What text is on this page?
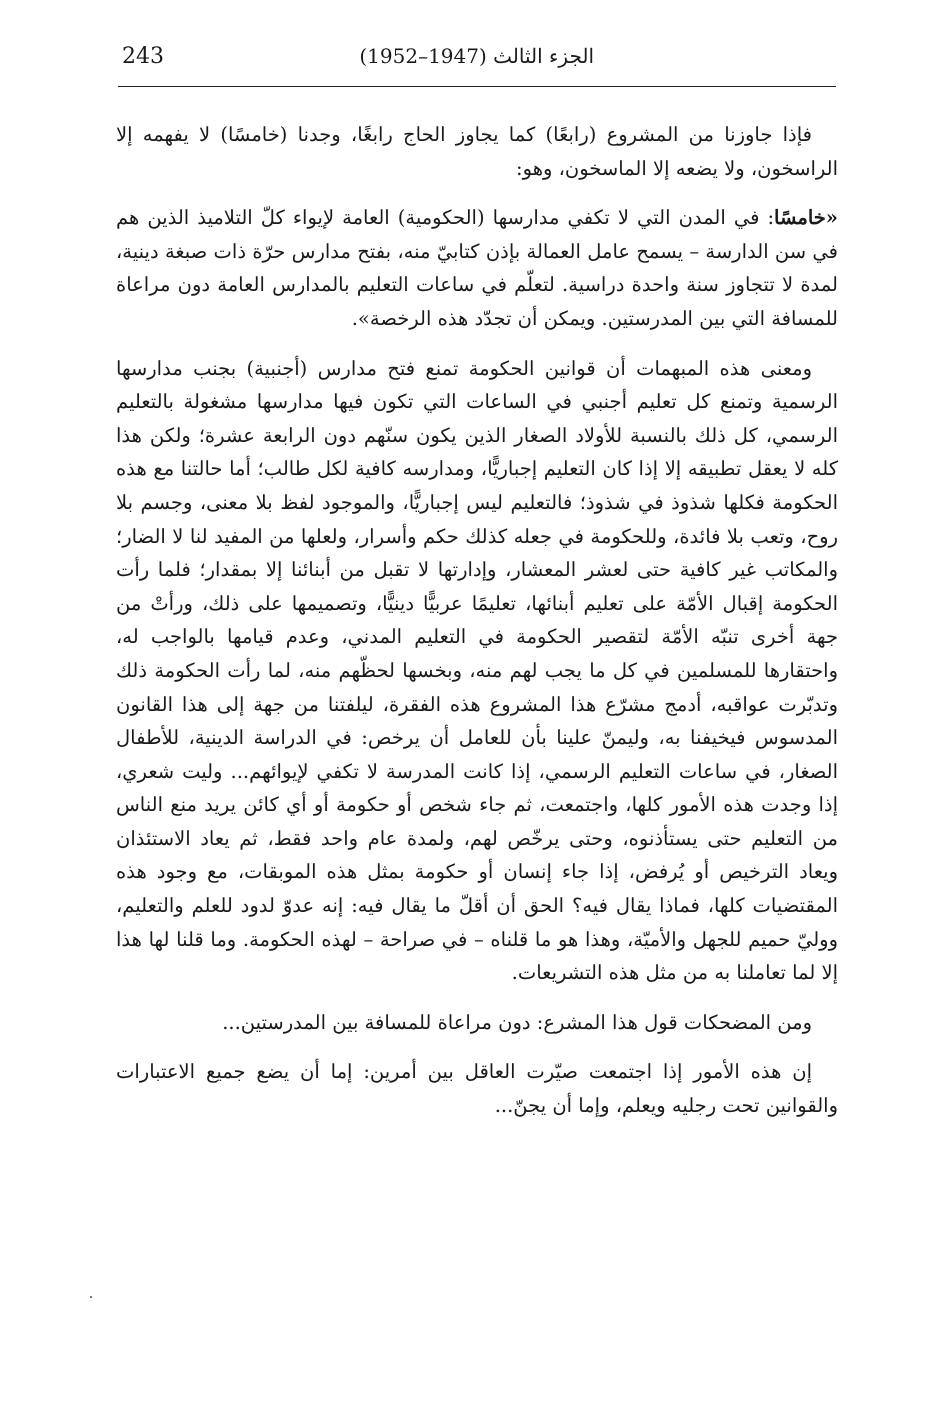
243	الجزء الثالث (1947–1952)

فإذا جاوزنا من المشروع (رابعًا) كما يجاوز الحاج رابغًا، وجدنا (خامسًا) لا يفهمه إلا الراسخون، ولا يضعه إلا الماسخون، وهو:

«خامسًا: في المدن التي لا تكفي مدارسها (الحكومية) العامة لإيواء كلّ التلاميذ الذين هم في سن الدارسة – يسمح عامل العمالة بإذن كتابيّ منه، بفتح مدارس حرّة ذات صبغة دينية، لمدة لا تتجاوز سنة واحدة دراسية. لتعلّم في ساعات التعليم بالمدارس العامة دون مراعاة للمسافة التي بين المدرستين. ويمكن أن تجدّد هذه الرخصة».

ومعنى هذه المبهمات أن قوانين الحكومة تمنع فتح مدارس (أجنبية) بجنب مدارسها الرسمية وتمنع كل تعليم أجنبي في الساعات التي تكون فيها مدارسها مشغولة بالتعليم الرسمي، كل ذلك بالنسبة للأولاد الصغار الذين يكون سنّهم دون الرابعة عشرة؛ ولكن هذا كله لا يعقل تطبيقه إلا إذا كان التعليم إجباريًّا، ومدارسه كافية لكل طالب؛ أما حالتنا مع هذه الحكومة فكلها شذوذ في شذوذ؛ فالتعليم ليس إجباريًّا، والموجود لفظ بلا معنى، وجسم بلا روح، وتعب بلا فائدة، وللحكومة في جعله كذلك حكم وأسرار، ولعلها من المفيد لنا لا الضار؛ والمكاتب غير كافية حتى لعشر المعشار، وإدارتها لا تقبل من أبنائنا إلا بمقدار؛ فلما رأت الحكومة إقبال الأمّة على تعليم أبنائها، تعليمًا عربيًّا دينيًّا، وتصميمها على ذلك، ورأتْ من جهة أخرى تنبّه الأمّة لتقصير الحكومة في التعليم المدني، وعدم قيامها بالواجب له، واحتقارها للمسلمين في كل ما يجب لهم منه، وبخسها لحظّهم منه، لما رأت الحكومة ذلك وتدبّرت عواقبه، أدمج مشرّع هذا المشروع هذه الفقرة، ليلفتنا من جهة إلى هذا القانون المدسوس فيخيفنا به، وليمنّ علينا بأن للعامل أن يرخص: في الدراسة الدينية، للأطفال الصغار، في ساعات التعليم الرسمي، إذا كانت المدرسة لا تكفي لإيوائهم... وليت شعري، إذا وجدت هذه الأمور كلها، واجتمعت، ثم جاء شخص أو حكومة أو أي كائن يريد منع الناس من التعليم حتى يستأذنوه، وحتى يرخّص لهم، ولمدة عام واحد فقط، ثم يعاد الاستئذان ويعاد الترخيص أو يُرفض، إذا جاء إنسان أو حكومة بمثل هذه الموبقات، مع وجود هذه المقتضيات كلها، فماذا يقال فيه؟ الحق أن أقلّ ما يقال فيه: إنه عدوّ لدود للعلم والتعليم، ووليّ حميم للجهل والأميّة، وهذا هو ما قلناه – في صراحة – لهذه الحكومة. وما قلنا لها هذا إلا لما تعاملنا به من مثل هذه التشريعات.

ومن المضحكات قول هذا المشرع: دون مراعاة للمسافة بين المدرستين...

إن هذه الأمور إذا اجتمعت صيّرت العاقل بين أمرين: إما أن يضع جميع الاعتبارات والقوانين تحت رجليه ويعلم، وإما أن يجنّ...
